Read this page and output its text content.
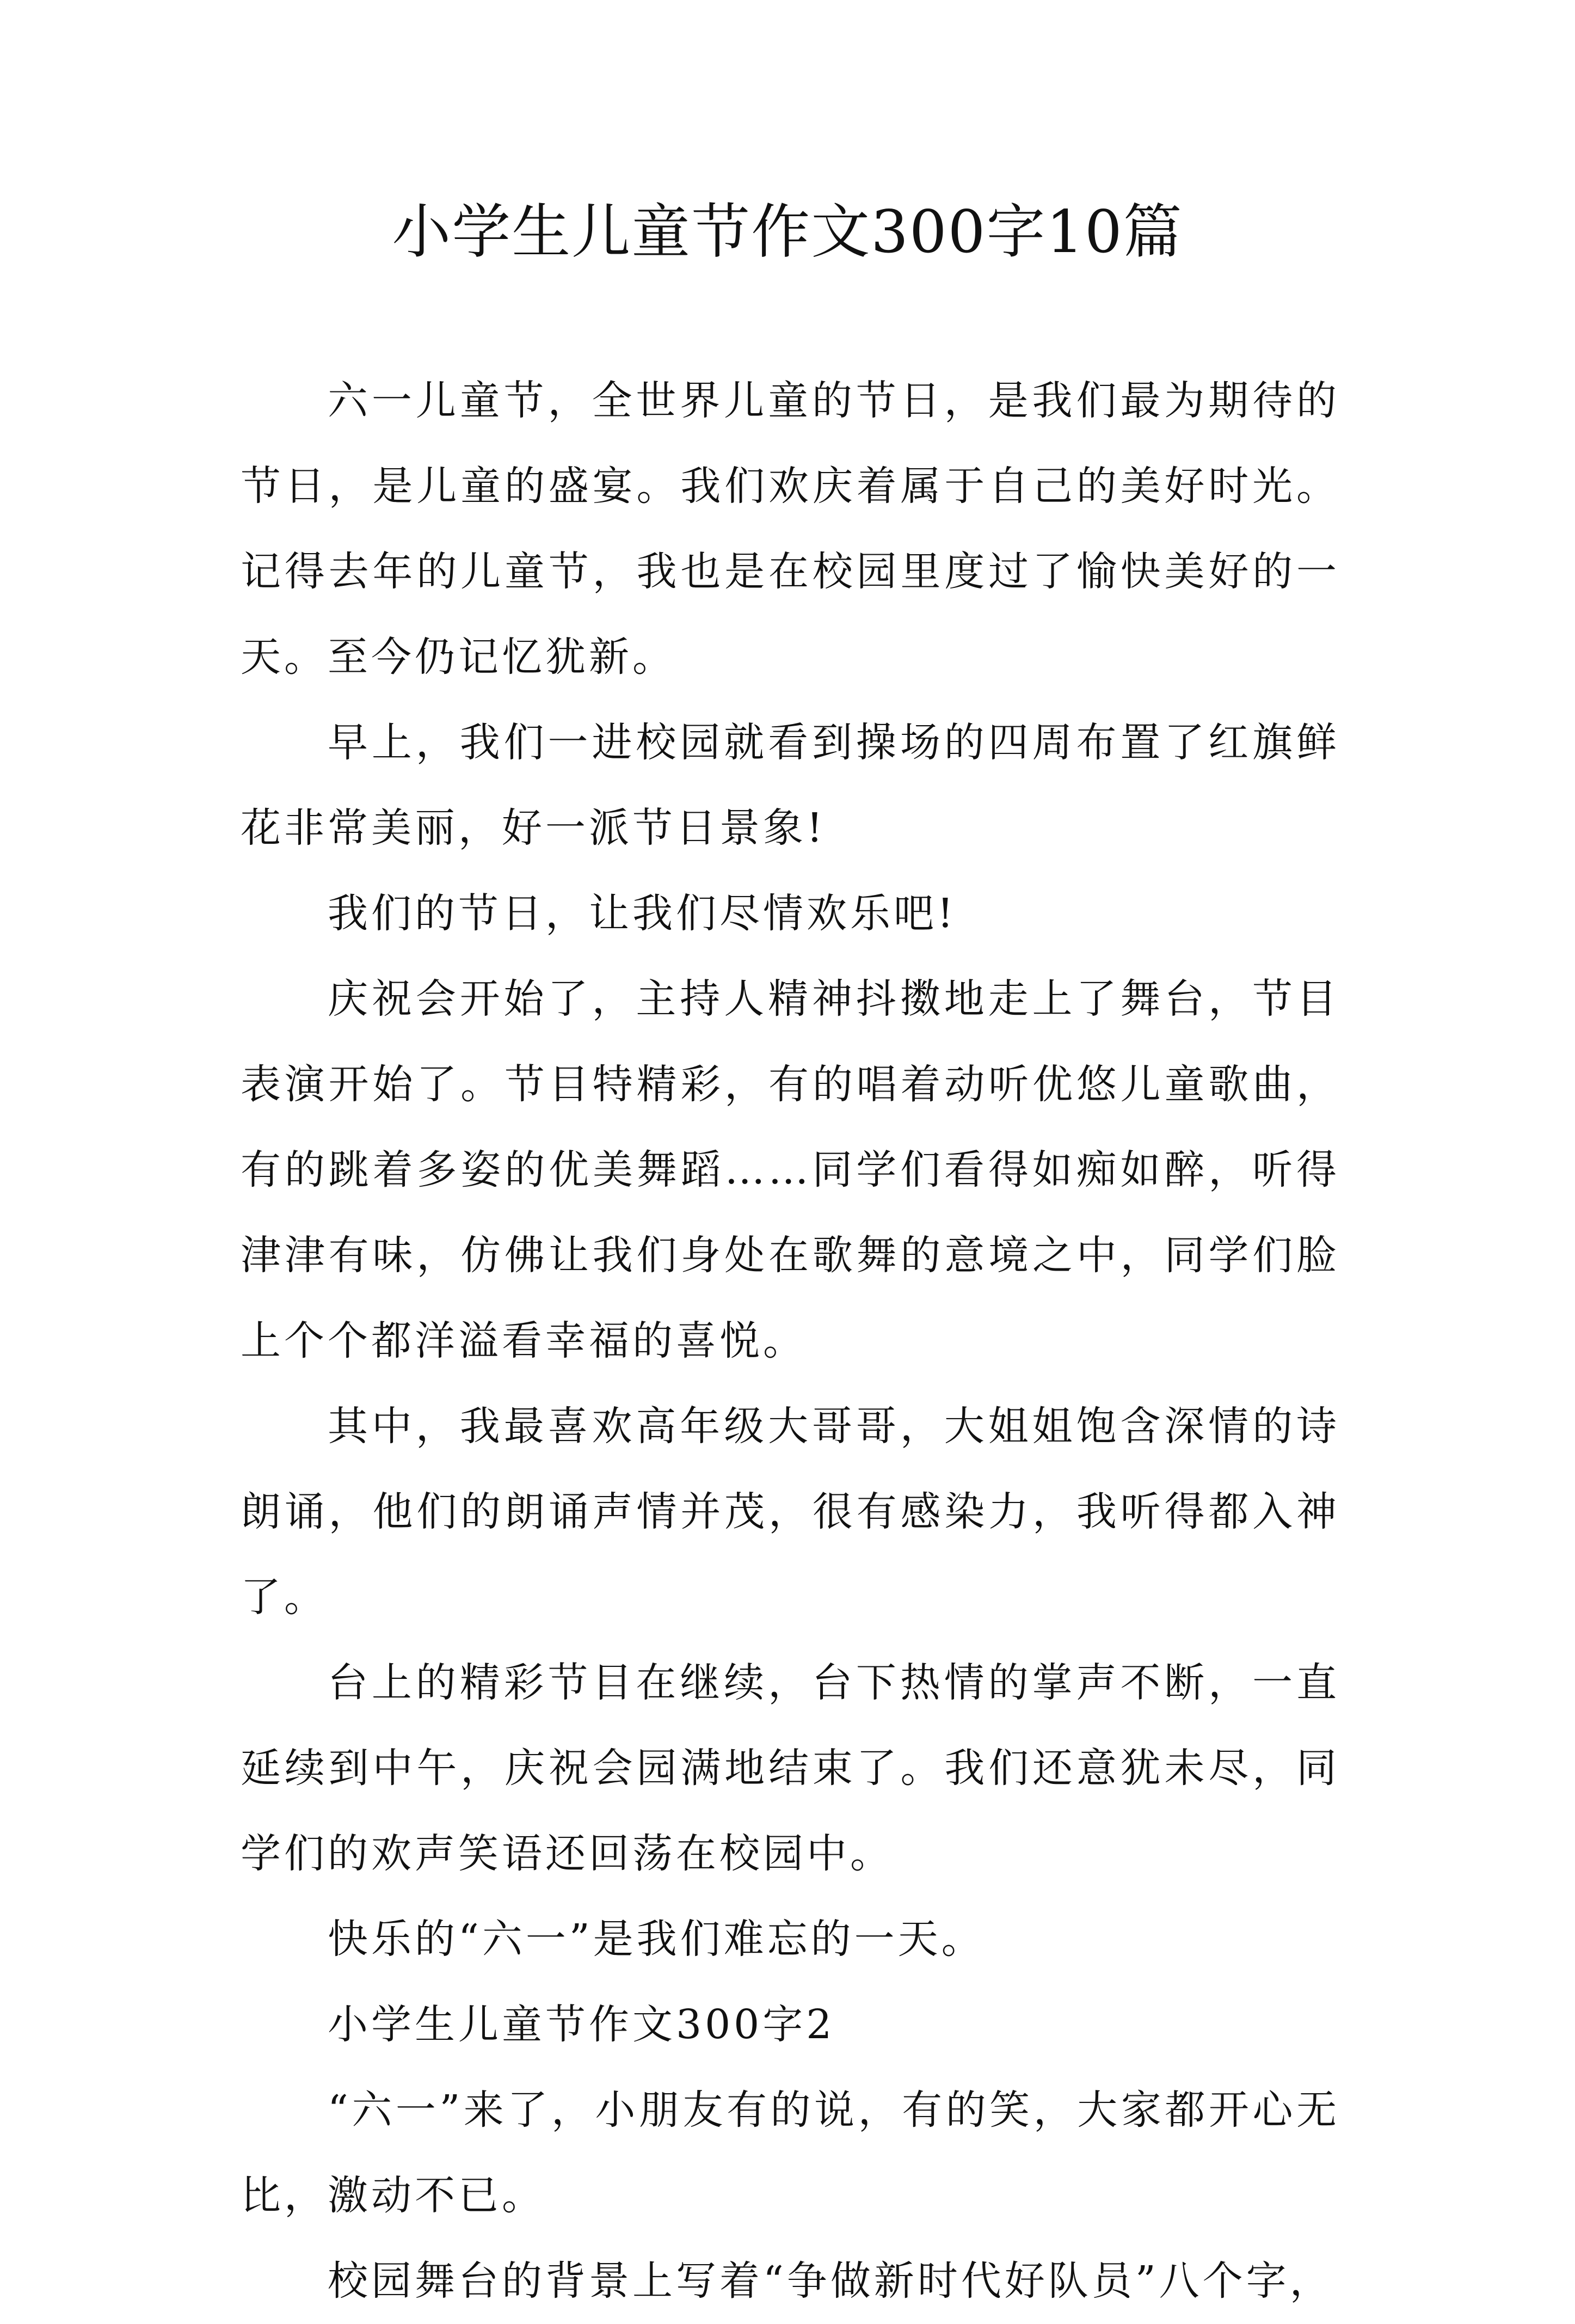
小学生儿童节作文300字10篇

六一儿童节，全世界儿童的节日，是我们最为期待的节日，是儿童的盛宴。我们欢庆着属于自己的美好时光。记得去年的儿童节，我也是在校园里度过了愉快美好的一天。至今仍记忆犹新。

早上，我们一进校园就看到操场的四周布置了红旗鲜花非常美丽，好一派节日景象!

我们的节日，让我们尽情欢乐吧!

庆祝会开始了，主持人精神抖擞地走上了舞台，节目表演开始了。节目特精彩，有的唱着动听优悠儿童歌曲，有的跳着多姿的优美舞蹈……同学们看得如痴如醉，听得津津有味，仿佛让我们身处在歌舞的意境之中，同学们脸上个个都洋溢看幸福的喜悦。

其中，我最喜欢高年级大哥哥，大姐姐饱含深情的诗朗诵，他们的朗诵声情并茂，很有感染力，我听得都入神了。

台上的精彩节目在继续，台下热情的掌声不断，一直延续到中午，庆祝会园满地结束了。我们还意犹未尽，同学们的欢声笑语还回荡在校园中。

快乐的“六一”是我们难忘的一天。

小学生儿童节作文300字2

“六一”来了，小朋友有的说，有的笑，大家都开心无比，激动不已。

校园舞台的背景上写着“争做新时代好队员”八个字，
